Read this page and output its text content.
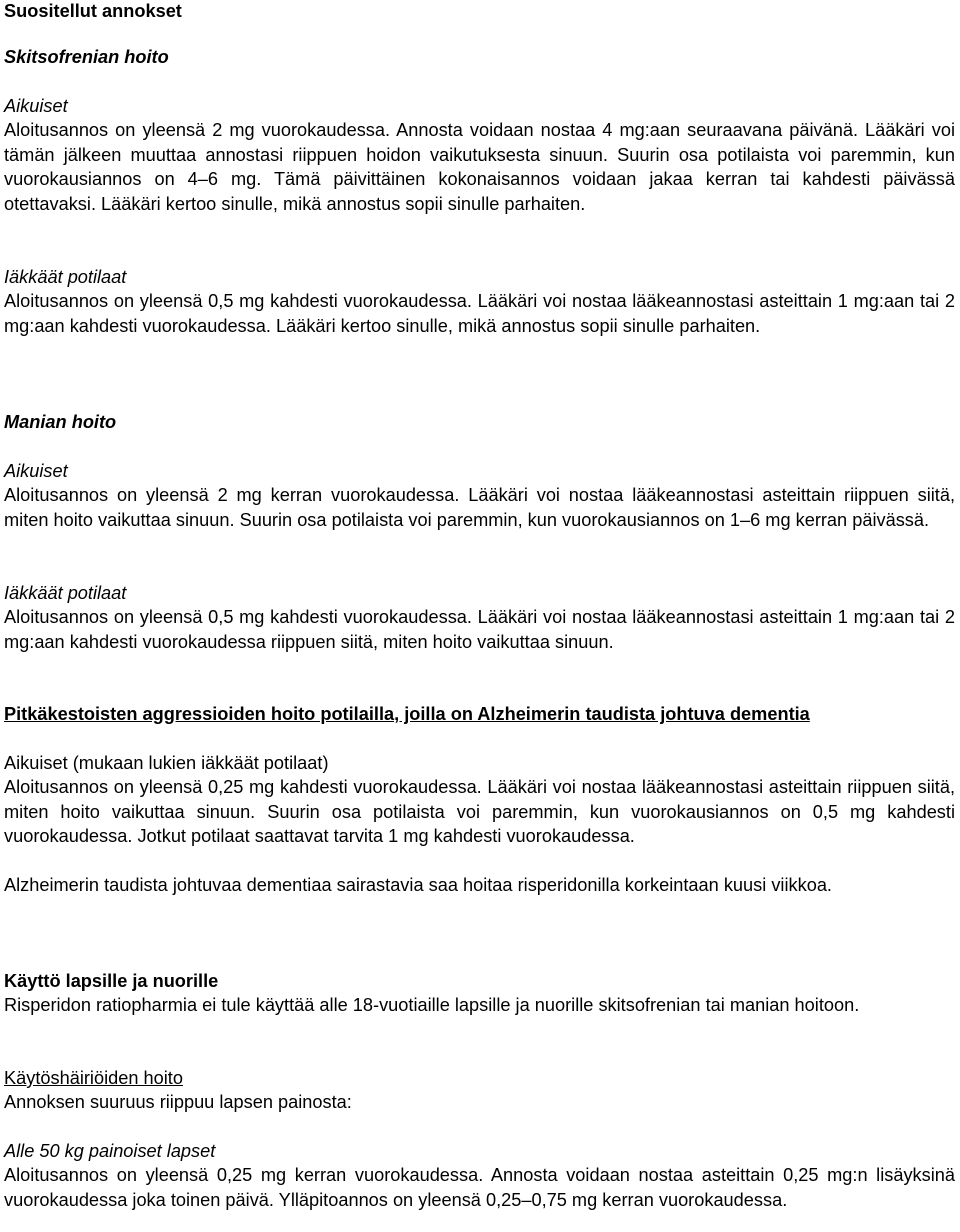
Suositellut annokset
Skitsofrenian hoito
Aikuiset

Aloitusannos on yleensä 2 mg vuorokaudessa. Annosta voidaan nostaa 4 mg:aan seuraavana päivänä. Lääkäri voi tämän jälkeen muuttaa annostasi riippuen hoidon vaikutuksesta sinuun. Suurin osa potilaista voi paremmin, kun vuorokausiannos on 4–6 mg. Tämä päivittäinen kokonaisannos voidaan jakaa kerran tai kahdesti päivässä otettavaksi. Lääkäri kertoo sinulle, mikä annostus sopii sinulle parhaiten.

Iäkkäät potilaat

Aloitusannos on yleensä 0,5 mg kahdesti vuorokaudessa. Lääkäri voi nostaa lääkeannostasi asteittain 1 mg:aan tai 2 mg:aan kahdesti vuorokaudessa. Lääkäri kertoo sinulle, mikä annostus sopii sinulle parhaiten.

Manian hoito
Aikuiset

Aloitusannos on yleensä 2 mg kerran vuorokaudessa. Lääkäri voi nostaa lääkeannostasi asteittain riippuen siitä, miten hoito vaikuttaa sinuun. Suurin osa potilaista voi paremmin, kun vuorokausiannos on 1–6 mg kerran päivässä.

Iäkkäät potilaat

Aloitusannos on yleensä 0,5 mg kahdesti vuorokaudessa. Lääkäri voi nostaa lääkeannostasi asteittain 1 mg:aan tai 2 mg:aan kahdesti vuorokaudessa riippuen siitä, miten hoito vaikuttaa sinuun.

Pitkäkestoisten aggressioiden hoito potilailla, joilla on Alzheimerin taudista johtuva dementia
Aikuiset (mukaan lukien iäkkäät potilaat)

Aloitusannos on yleensä 0,25 mg kahdesti vuorokaudessa. Lääkäri voi nostaa lääkeannostasi asteittain riippuen siitä, miten hoito vaikuttaa sinuun. Suurin osa potilaista voi paremmin, kun vuorokausiannos on 0,5 mg kahdesti vuorokaudessa. Jotkut potilaat saattavat tarvita 1 mg kahdesti vuorokaudessa.

Alzheimerin taudista johtuvaa dementiaa sairastavia saa hoitaa risperidonilla korkeintaan kuusi viikkoa.

Käyttö lapsille ja nuorille

Risperidon ratiopharmia ei tule käyttää alle 18-vuotiaille lapsille ja nuorille skitsofrenian tai manian hoitoon.

Käytöshäiriöiden hoito
Annoksen suuruus riippuu lapsen painosta:
Alle 50 kg painoiset lapset

Aloitusannos on yleensä 0,25 mg kerran vuorokaudessa. Annosta voidaan nostaa asteittain 0,25 mg:n lisäyksinä vuorokaudessa joka toinen päivä. Ylläpitoannos on yleensä 0,25–0,75 mg kerran vuorokaudessa.
